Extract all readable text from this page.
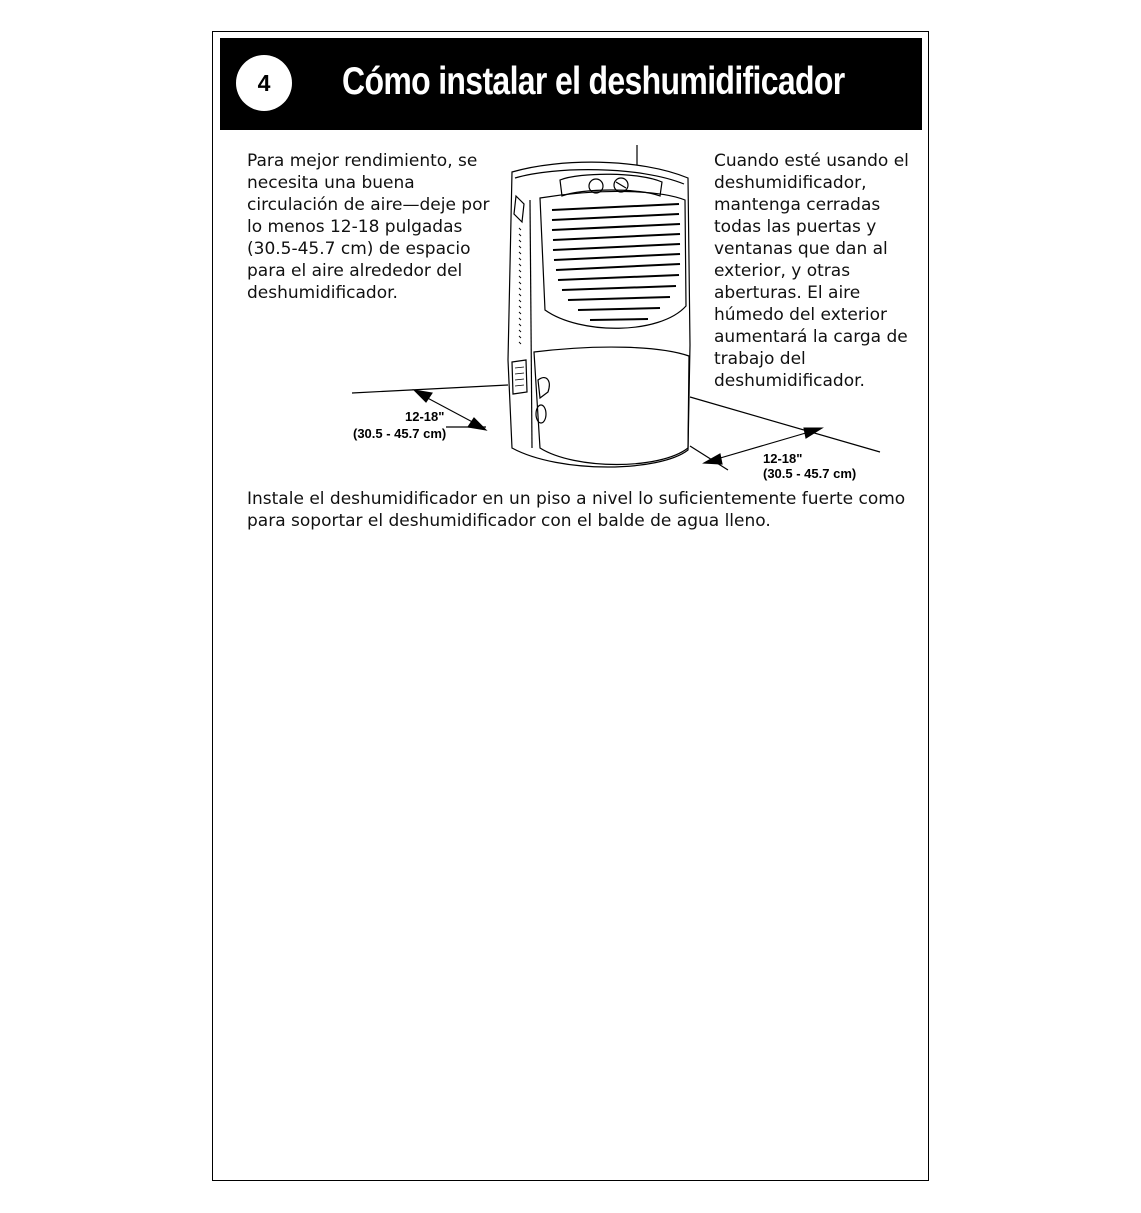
4	Cómo instalar el deshumidificador

Para mejor rendimiento, se
necesita una buena
circulación de aire—deje por
lo menos 12-18 pulgadas
(30.5-45.7 cm) de espacio
para el aire alrededor del
deshumidificador.

Cuando esté usando el
deshumidificador,
mantenga cerradas
todas las puertas y
ventanas que dan al
exterior, y otras
aberturas. El aire
húmedo del exterior
aumentará la carga de
trabajo del
deshumidificador.

12-18"
(30.5 - 45.7 cm)
12-18"
(30.5 - 45.7 cm)

Instale el deshumidificador en un piso a nivel lo suficientemente fuerte como
para soportar el deshumidificador con el balde de agua lleno.
